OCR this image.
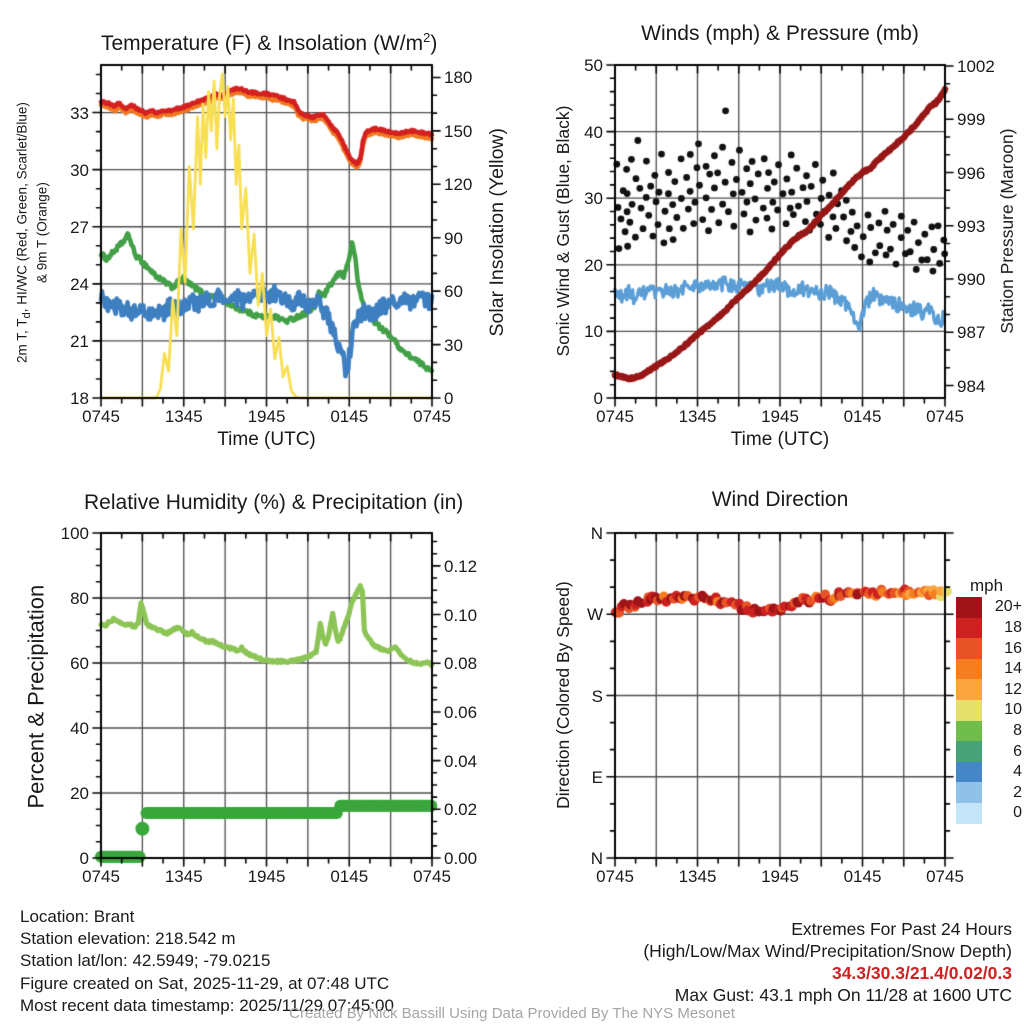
Temperature (F) & Insolation $(W/m^2)$	Winds (mph) & Pressure (mb)
Relative Humidity (%) & Precipitation (in)	Wind Direction
2m T, $T_d$, HI/WC (Red, Green, Scarlet/Blue) & 9m T (Orange)	Solar Insolation (Yellow)	Sonic Wind & Gust (Blue, Black)	Station Pressure (Maroon)
Percent & Precipitation	Direction (Colored By Speed)
Time (UTC)	Time (UTC)
0745	1345	1945	0145	0745
18
21
24
27
30
33
0
30
60
90
120
150
180
0745	1345	1945	0145	0745
0
10
20
30
40
50
984
987
990
993
996
999
1002
0745	1345	1945	0145	0745
0
20
40
60
80
100
0.00
0.02
0.04
0.06
0.08
0.10
0.12
0745	1345	1945	0145	0745
N
E
S
W
N
mph
20+
18
16
14
12
10
8
6
4
2
0
Location: Brant
Station elevation: 218.542 m
Station lat/lon: 42.5949; -79.0215
Figure created on Sat, 2025-11-29, at 07:48 UTC
Most recent data timestamp: 2025/11/29 07:45:00
Extremes For Past 24 Hours
(High/Low/Max Wind/Precipitation/Snow Depth)
34.3/30.3/21.4/0.02/0.3
Max Gust: 43.1 mph On 11/28 at 1600 UTC
Created By Nick Bassill Using Data Provided By The NYS Mesonet
